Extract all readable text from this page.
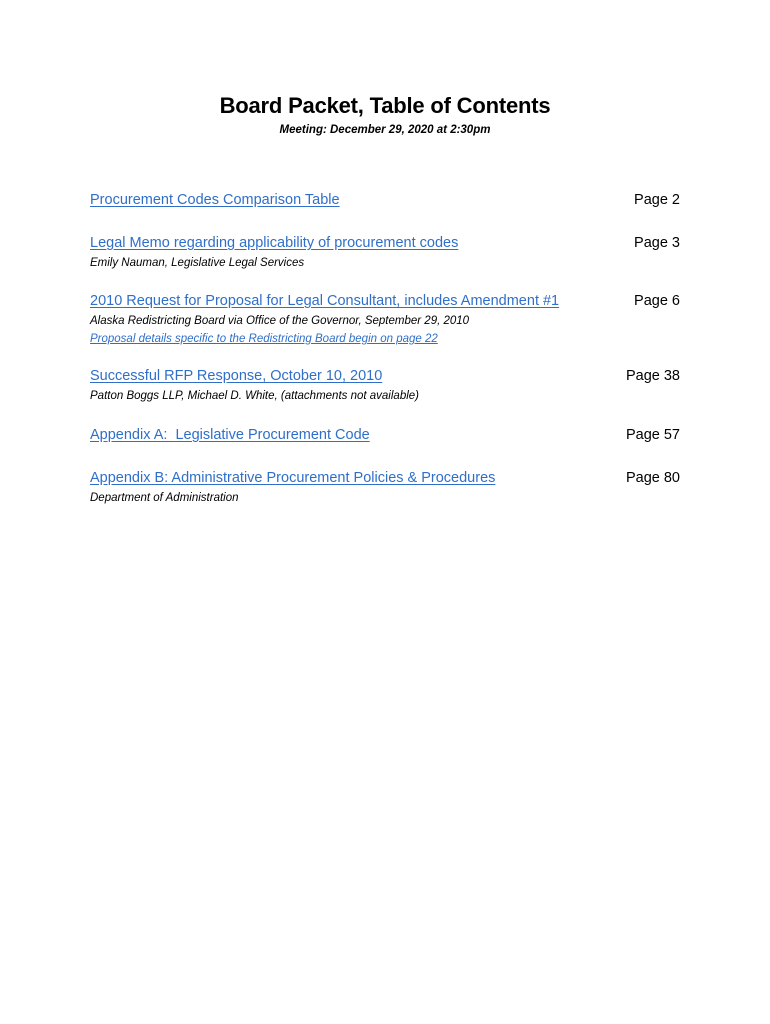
Board Packet, Table of Contents
Meeting: December 29, 2020 at 2:30pm
Procurement Codes Comparison Table	Page 2
Legal Memo regarding applicability of procurement codes	Page 3
Emily Nauman, Legislative Legal Services
2010 Request for Proposal for Legal Consultant, includes Amendment #1	Page 6
Alaska Redistricting Board via Office of the Governor, September 29, 2010
Proposal details specific to the Redistricting Board begin on page 22
Successful RFP Response, October 10, 2010	Page 38
Patton Boggs LLP, Michael D. White, (attachments not available)
Appendix A:  Legislative Procurement Code	Page 57
Appendix B: Administrative Procurement Policies & Procedures	Page 80
Department of Administration
